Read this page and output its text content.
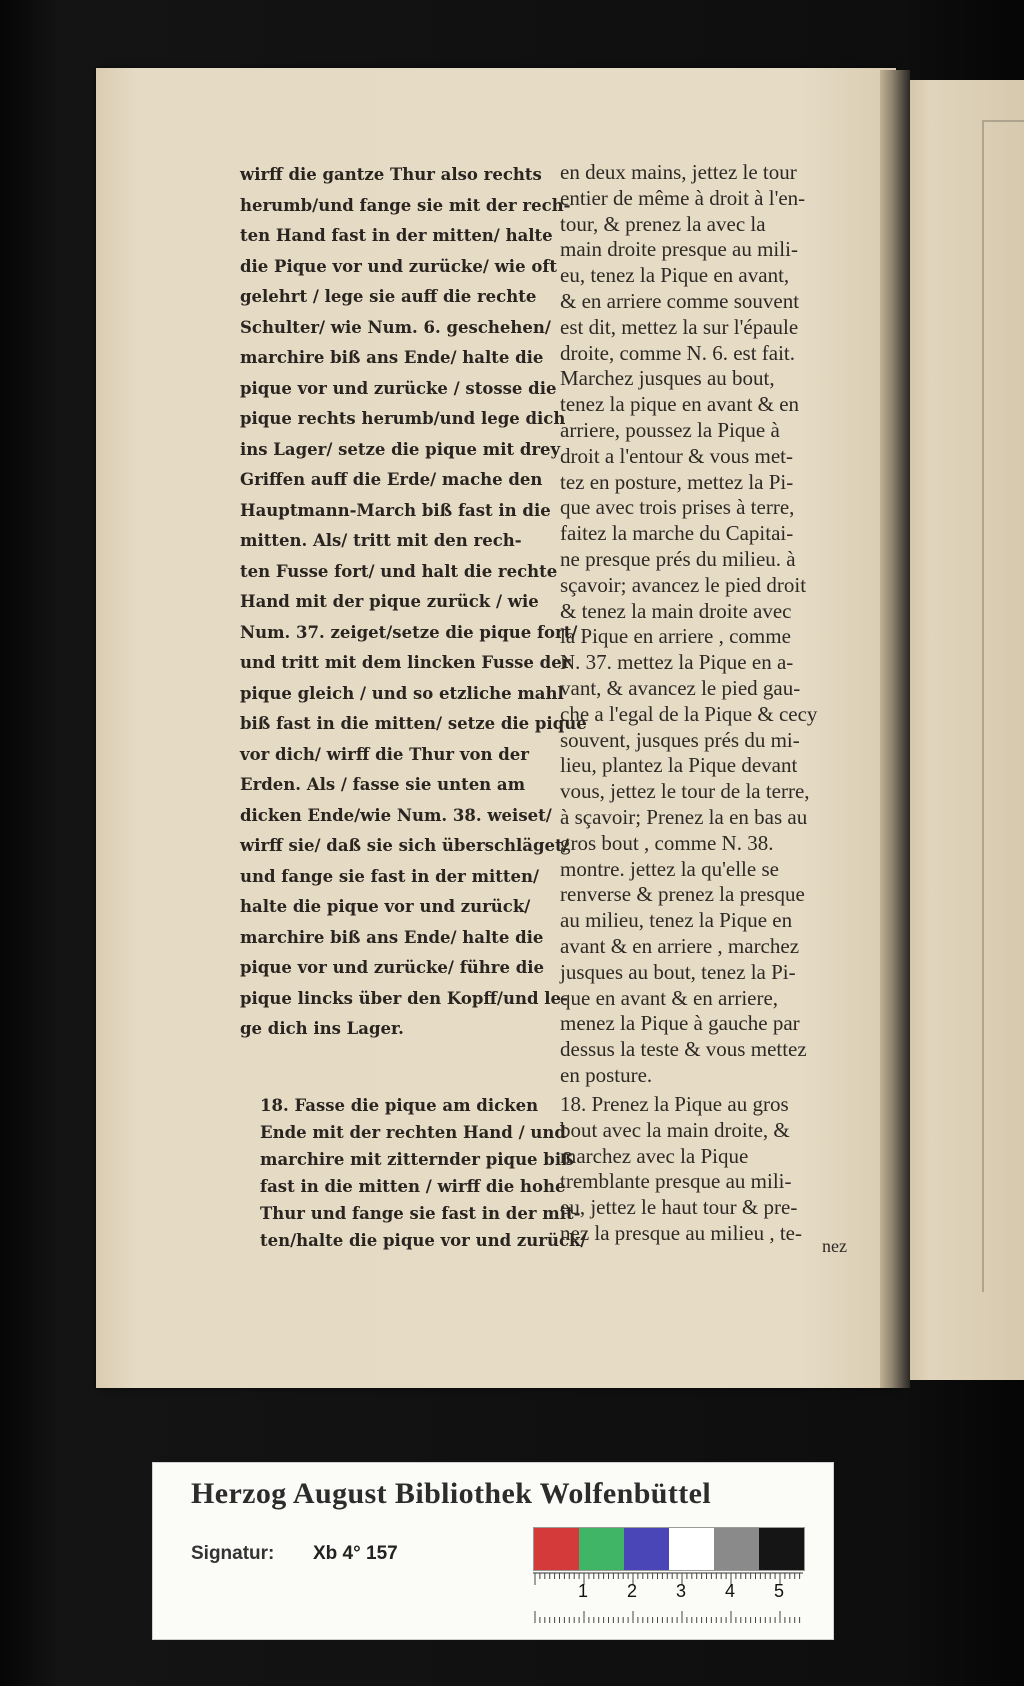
wirff die gantze Thur also rechts
herumb/und fange sie mit der rech-
ten Hand fast in der mitten/ halte
die Pique vor und zurücke/ wie oft
gelehrt / lege sie auff die rechte
Schulter/ wie Num. 6. geschehen/
marchire biß ans Ende/ halte die
pique vor und zurücke / stosse die
pique rechts herumb/und lege dich
ins Lager/ setze die pique mit drey
Griffen auff die Erde/ mache den
Hauptmann-March biß fast in die
mitten. Als/ tritt mit den rech-
ten Fusse fort/ und halt die rechte
Hand mit der pique zurück / wie
Num. 37. zeiget/setze die pique fort/
und tritt mit dem lincken Fusse der
pique gleich / und so etzliche mahl
biß fast in die mitten/ setze die pique
vor dich/ wirff die Thur von der
Erden. Als / fasse sie unten am
dicken Ende/wie Num. 38. weiset/
wirff sie/ daß sie sich überschläget/
und fange sie fast in der mitten/
halte die pique vor und zurück/
marchire biß ans Ende/ halte die
pique vor und zurücke/ führe die
pique lincks über den Kopff/und le-
ge dich ins Lager.
en deux mains, jettez le tour
entier de même à droit à l'en-
tour, & prenez la avec la
main droite presque au mili-
eu, tenez la Pique en avant,
& en arriere comme souvent
est dit, mettez la sur l'épaule
droite, comme N. 6. est fait.
Marchez jusques au bout,
tenez la pique en avant & en
arriere, poussez la Pique à
droit a l'entour & vous met-
tez en posture, mettez la Pi-
que avec trois prises à terre,
faitez la marche du Capitai-
ne presque prés du milieu. à
sçavoir; avancez le pied droit
& tenez la main droite avec
la Pique en arriere , comme
N. 37. mettez la Pique en a-
vant, & avancez le pied gau-
che a l'egal de la Pique & cecy
souvent, jusques prés du mi-
lieu, plantez la Pique devant
vous, jettez le tour de la terre,
à sçavoir; Prenez la en bas au
gros bout , comme N. 38.
montre. jettez la qu'elle se
renverse & prenez la presque
au milieu, tenez la Pique en
avant & en arriere , marchez
jusques au bout, tenez la Pi-
que en avant & en arriere,
menez la Pique à gauche par
dessus la teste & vous mettez
en posture.
18. Fasse die pique am dicken
Ende mit der rechten Hand / und
marchire mit zitternder pique biß
fast in die mitten / wirff die hohe
Thur und fange sie fast in der mit-
ten/halte die pique vor und zurück/
18. Prenez la Pique au gros
bout avec la main droite, &
marchez avec la Pique
tremblante presque au mili-
eu, jettez le haut tour & pre-
nez la presque au milieu , te-
nez
Herzog August Bibliothek Wolfenbüttel
Signatur: Xb 4° 157
1 2 3 4 5
